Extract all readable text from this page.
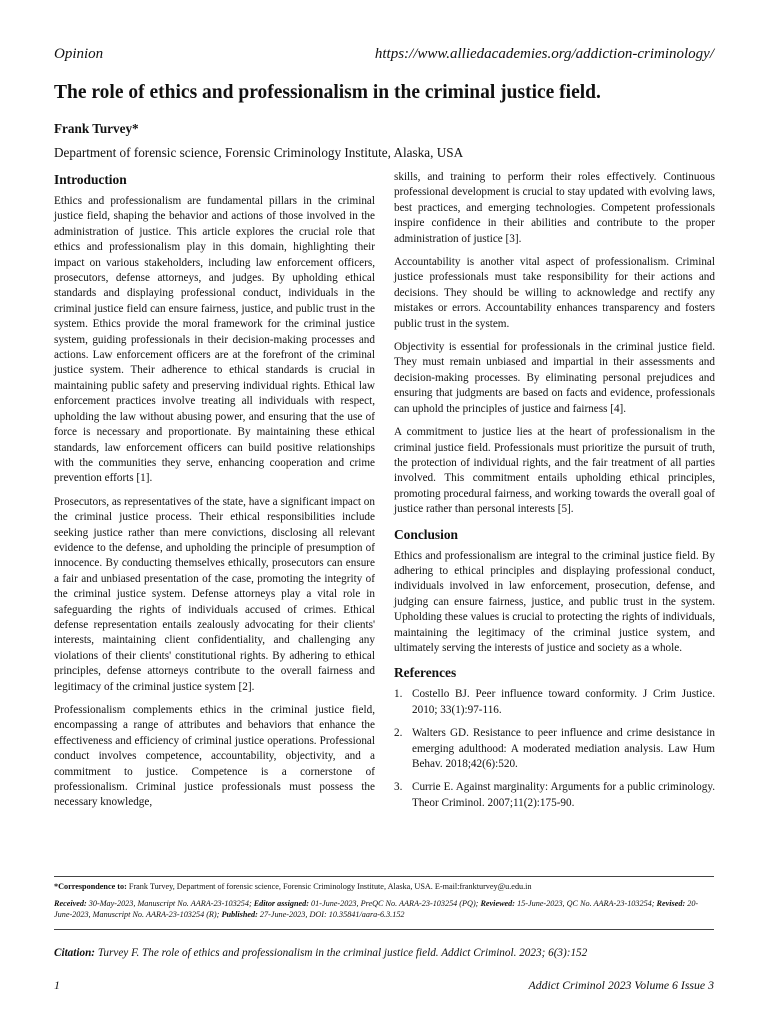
Opinion	https://www.alliedacademies.org/addiction-criminology/
The role of ethics and professionalism in the criminal justice field.
Frank Turvey*
Department of forensic science, Forensic Criminology Institute, Alaska, USA
Introduction

Ethics and professionalism are fundamental pillars in the criminal justice field, shaping the behavior and actions of those involved in the administration of justice. This article explores the crucial role that ethics and professionalism play in this domain, highlighting their impact on various stakeholders, including law enforcement officers, prosecutors, defense attorneys, and judges. By upholding ethical standards and displaying professional conduct, individuals in the criminal justice field can ensure fairness, justice, and public trust in the system. Ethics provide the moral framework for the criminal justice system, guiding professionals in their decision-making processes and actions. Law enforcement officers are at the forefront of the criminal justice system. Their adherence to ethical standards is crucial in maintaining public safety and preserving individual rights. Ethical law enforcement practices involve treating all individuals with respect, upholding the law without abusing power, and ensuring that the use of force is necessary and proportionate. By maintaining these ethical standards, law enforcement officers can build positive relationships with the communities they serve, enhancing cooperation and crime prevention efforts [1].

Prosecutors, as representatives of the state, have a significant impact on the criminal justice process. Their ethical responsibilities include seeking justice rather than mere convictions, disclosing all relevant evidence to the defense, and upholding the principle of presumption of innocence. By conducting themselves ethically, prosecutors can ensure a fair and unbiased presentation of the case, promoting the integrity of the criminal justice system. Defense attorneys play a vital role in safeguarding the rights of individuals accused of crimes. Ethical defense representation entails zealously advocating for their clients' interests, maintaining client confidentiality, and challenging any violations of their clients' constitutional rights. By adhering to ethical principles, defense attorneys contribute to the overall fairness and legitimacy of the criminal justice system [2].

Professionalism complements ethics in the criminal justice field, encompassing a range of attributes and behaviors that enhance the effectiveness and efficiency of criminal justice operations. Professional conduct involves competence, accountability, objectivity, and a commitment to justice. Competence is a cornerstone of professionalism. Criminal justice professionals must possess the necessary knowledge,

skills, and training to perform their roles effectively. Continuous professional development is crucial to stay updated with evolving laws, best practices, and emerging technologies. Competent professionals inspire confidence in their abilities and contribute to the proper administration of justice [3].

Accountability is another vital aspect of professionalism. Criminal justice professionals must take responsibility for their actions and decisions. They should be willing to acknowledge and rectify any mistakes or errors. Accountability enhances transparency and fosters public trust in the system.

Objectivity is essential for professionals in the criminal justice field. They must remain unbiased and impartial in their assessments and decision-making processes. By eliminating personal prejudices and ensuring that judgments are based on facts and evidence, professionals can uphold the principles of justice and fairness [4].

A commitment to justice lies at the heart of professionalism in the criminal justice field. Professionals must prioritize the pursuit of truth, the protection of individual rights, and the fair treatment of all parties involved. This commitment entails upholding ethical principles, promoting procedural fairness, and working towards the overall goal of justice rather than personal interests [5].

Conclusion

Ethics and professionalism are integral to the criminal justice field. By adhering to ethical principles and displaying professional conduct, individuals involved in law enforcement, prosecution, defense, and judging can ensure fairness, justice, and public trust in the system. Upholding these values is crucial to protecting the rights of individuals, maintaining the legitimacy of the criminal justice system, and ultimately serving the interests of justice and society as a whole.

References
1. Costello BJ. Peer influence toward conformity. J Crim Justice. 2010; 33(1):97-116.
2. Walters GD. Resistance to peer influence and crime desistance in emerging adulthood: A moderated mediation analysis. Law Hum Behav. 2018;42(6):520.
3. Currie E. Against marginality: Arguments for a public criminology. Theor Criminol. 2007;11(2):175-90.
*Correspondence to: Frank Turvey, Department of forensic science, Forensic Criminology Institute, Alaska, USA. E-mail:frankturvey@u.edu.in
Received: 30-May-2023, Manuscript No. AARA-23-103254; Editor assigned: 01-June-2023, PreQC No. AARA-23-103254 (PQ); Reviewed: 15-June-2023, QC No. AARA-23-103254; Revised: 20-June-2023, Manuscript No. AARA-23-103254 (R); Published: 27-June-2023, DOI: 10.35841/aara-6.3.152
Citation: Turvey F. The role of ethics and professionalism in the criminal justice field. Addict Criminol. 2023; 6(3):152
1	Addict Criminol 2023 Volume 6 Issue 3
